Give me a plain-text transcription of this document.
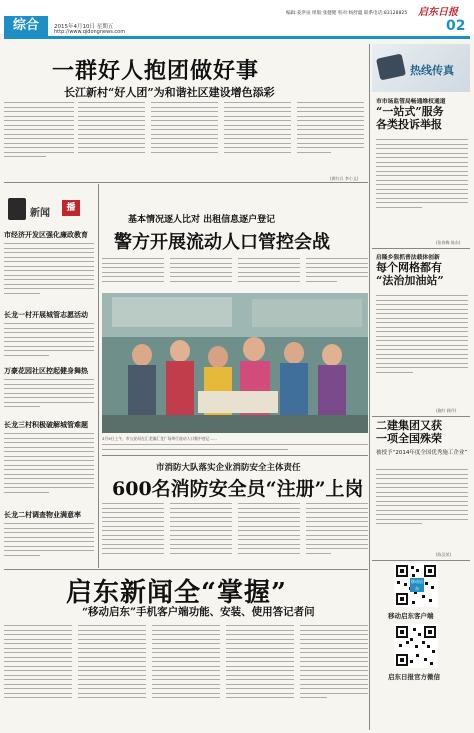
综合	2015年4月10日 星期五
http://www.qidongnews.com
编辑:姜洪泉 组版:张健健 校对:杨舒蕴 联系电话:83128825 启东日报
02
一群好人抱团做好事
长江新村“好人团”为和谐社区建设增色添彩
(黄红兵 李小义)
新闻	播
市经济开发区强化廉政教育
长龙一村开展城管志愿活动
万豪花园社区控起健身舞热
长龙三村积极破解城管难题
长龙二村调查物业满意率
基本情况逐人比对 出租信息逐户登记
警方开展流动人口管控会战
4月9日上午，市公安局在汇龙镇汇龙广场举行流动人口集中登记……
市消防大队落实企业消防安全主体责任
600名消防安全员“注册”上岗
启东新闻全“掌握”
“移动启东”手机客户端功能、安装、使用答记者问
热线传真
市市场监管局畅通维权通道
“一站式”服务
各类投诉举报
(张春梅 陈东)
启隆乡狠抓普法载体创新
每个网格都有
“法治加油站”
(施红 顾丹)
二建集团又获
一项全国殊荣
被授予“2014年度全国优秀施工企业”
(陈汉荣)
移动启东
移动启东客户端
启东日报官方微信
